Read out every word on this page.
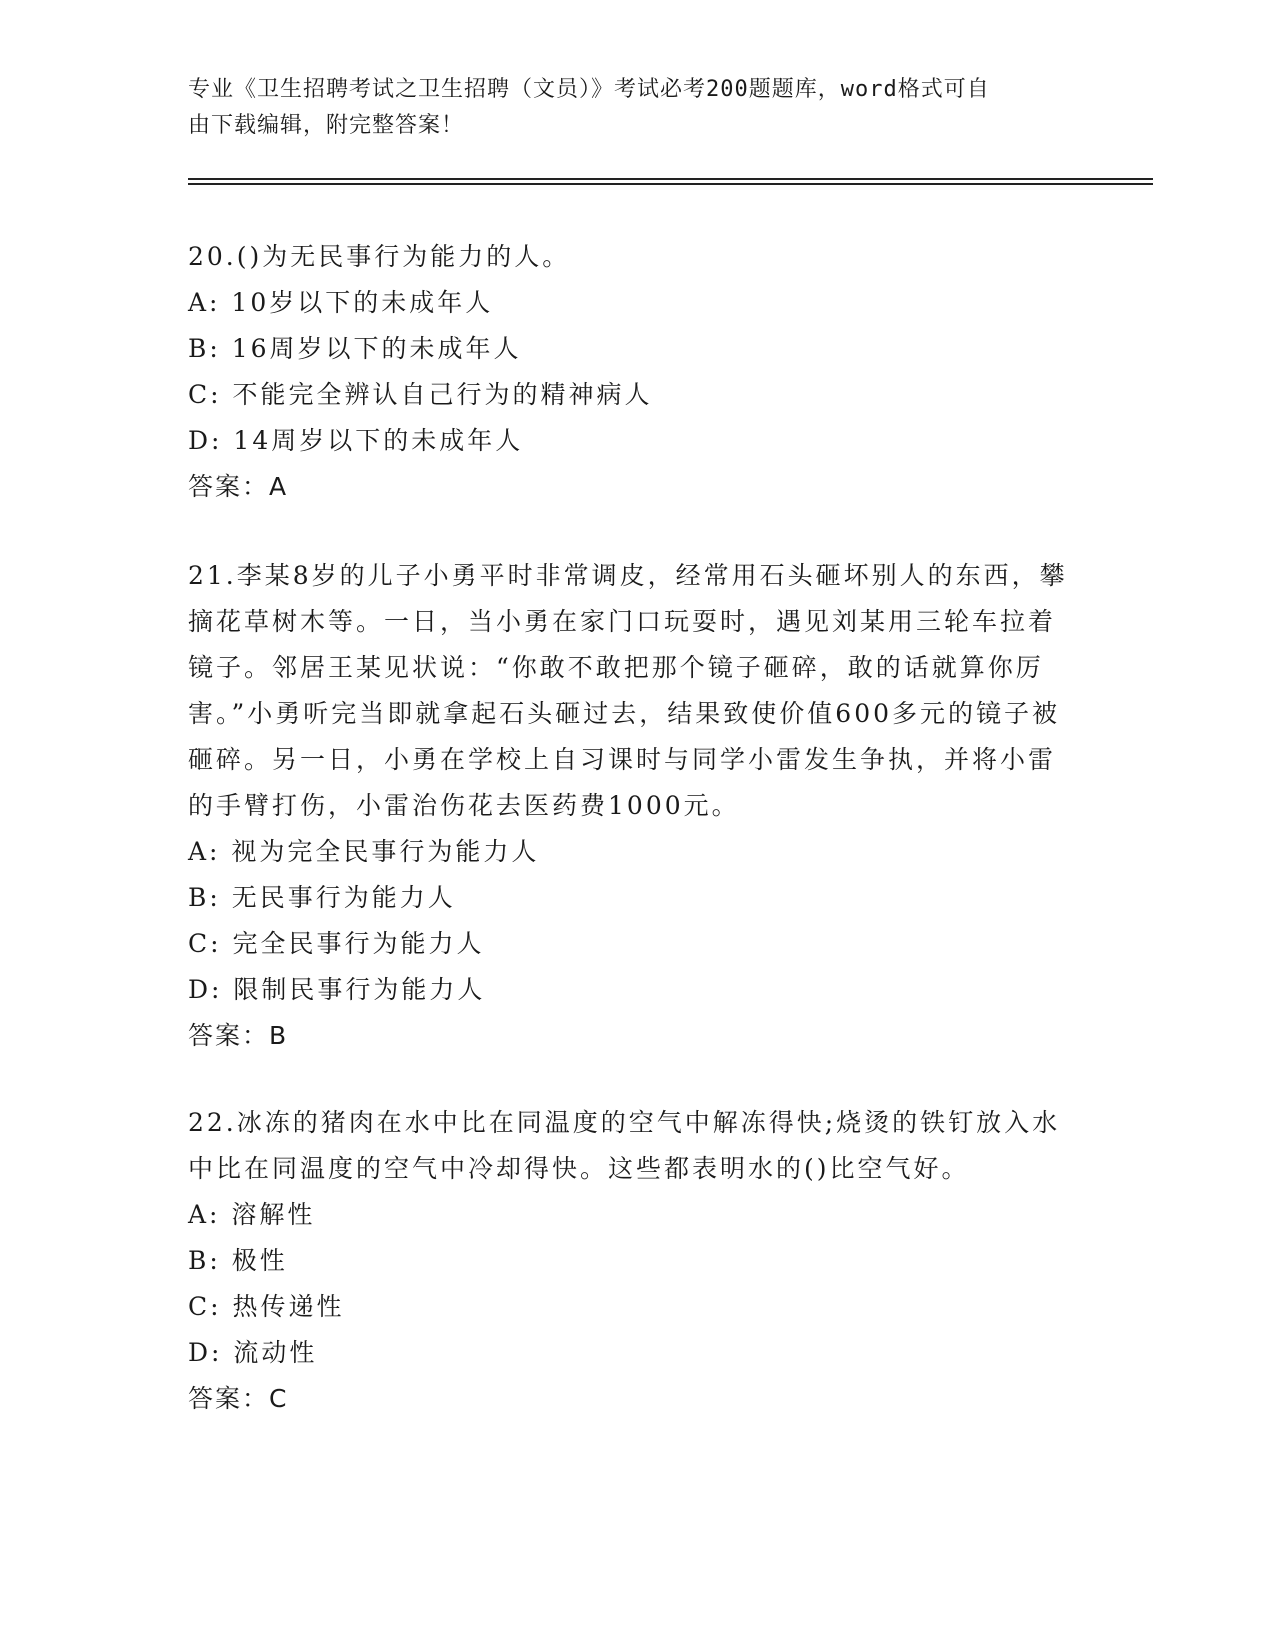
专业《卫生招聘考试之卫生招聘（文员）》考试必考200题题库，word格式可自
由下载编辑，附完整答案！
20.()为无民事行为能力的人。
A: 10岁以下的未成年人
B: 16周岁以下的未成年人
C: 不能完全辨认自己行为的精神病人
D: 14周岁以下的未成年人
答案：A
21.李某8岁的儿子小勇平时非常调皮，经常用石头砸坏别人的东西，攀摘花草树木等。一日，当小勇在家门口玩耍时，遇见刘某用三轮车拉着镜子。邻居王某见状说：“你敢不敢把那个镜子砸碎，敢的话就算你厉害。”小勇听完当即就拿起石头砸过去，结果致使价值600多元的镜子被砸碎。另一日，小勇在学校上自习课时与同学小雷发生争执，并将小雷的手臂打伤，小雷治伤花去医药费1000元。
A: 视为完全民事行为能力人
B: 无民事行为能力人
C: 完全民事行为能力人
D: 限制民事行为能力人
答案：B
22.冰冻的猪肉在水中比在同温度的空气中解冻得快;烧烫的铁钉放入水中比在同温度的空气中冷却得快。这些都表明水的()比空气好。
A: 溶解性
B: 极性
C: 热传递性
D: 流动性
答案：C
